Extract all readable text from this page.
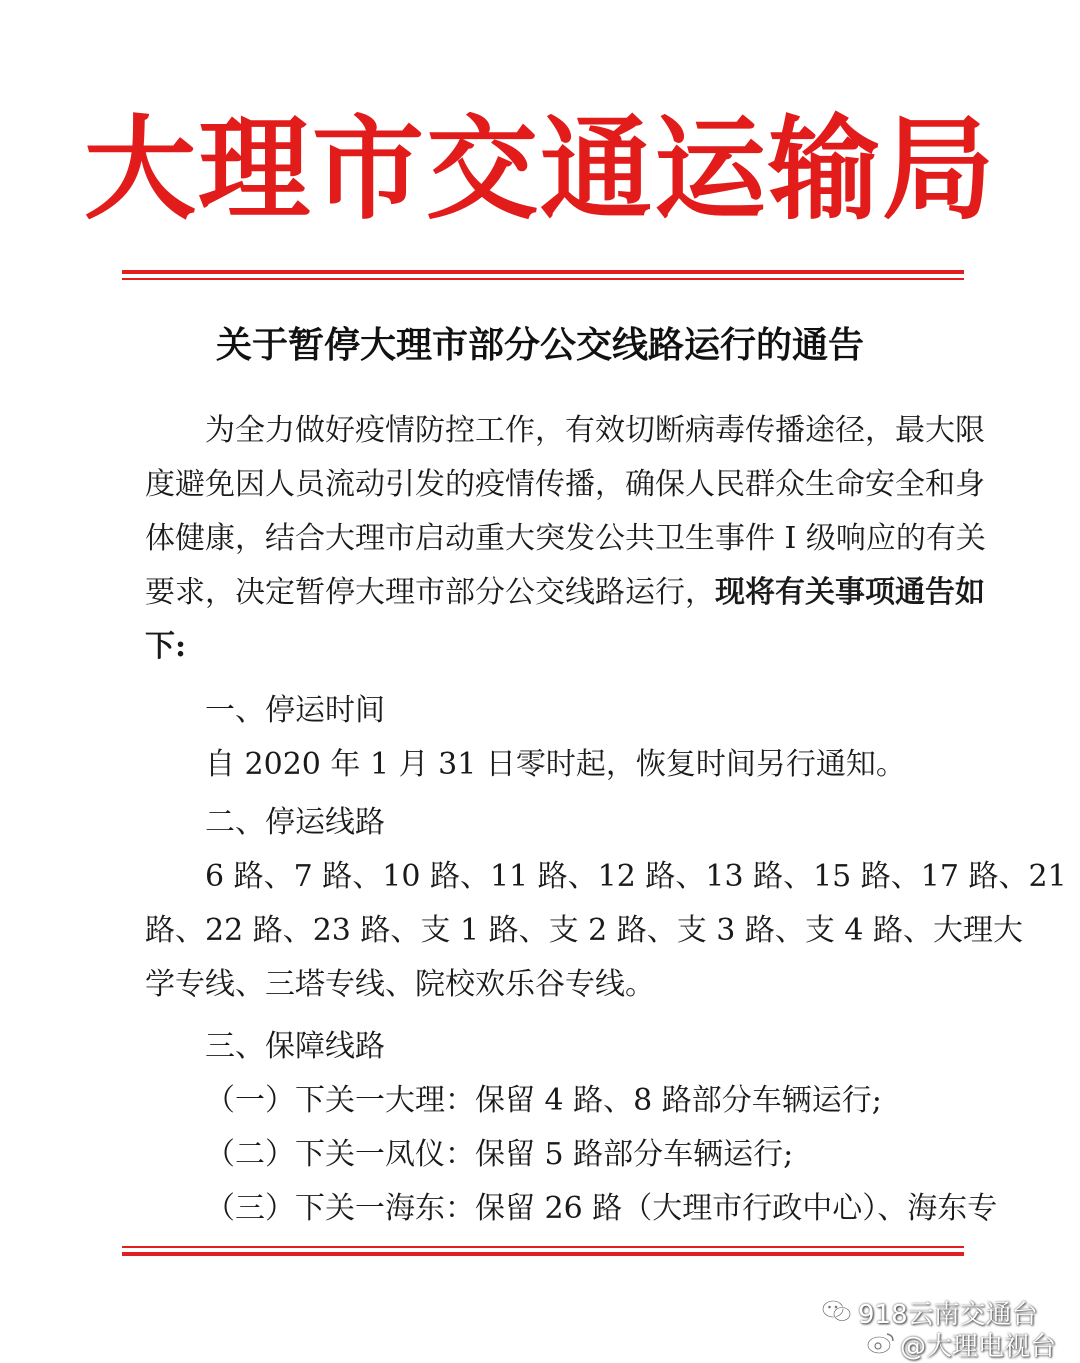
大理市交通运输局
关于暂停大理市部分公交线路运行的通告

为全力做好疫情防控工作，有效切断病毒传播途径，最大限

度避免因人员流动引发的疫情传播，确保人民群众生命安全和身

体健康，结合大理市启动重大突发公共卫生事件 I 级响应的有关

要求，决定暂停大理市部分公交线路运行，现将有关事项通告如

下:

一、停运时间

自 2020 年 1 月 31 日零时起，恢复时间另行通知。

二、停运线路

6 路、7 路、10 路、11 路、12 路、13 路、15 路、17 路、21

路、22 路、23 路、支 1 路、支 2 路、支 3 路、支 4 路、大理大

学专线、三塔专线、院校欢乐谷专线。

三、保障线路

（一）下关一大理：保留 4 路、8 路部分车辆运行;

（二）下关一凤仪：保留 5 路部分车辆运行;

（三）下关一海东：保留 26 路（大理市行政中心）、海东专

918云南交通台
@大理电视台
